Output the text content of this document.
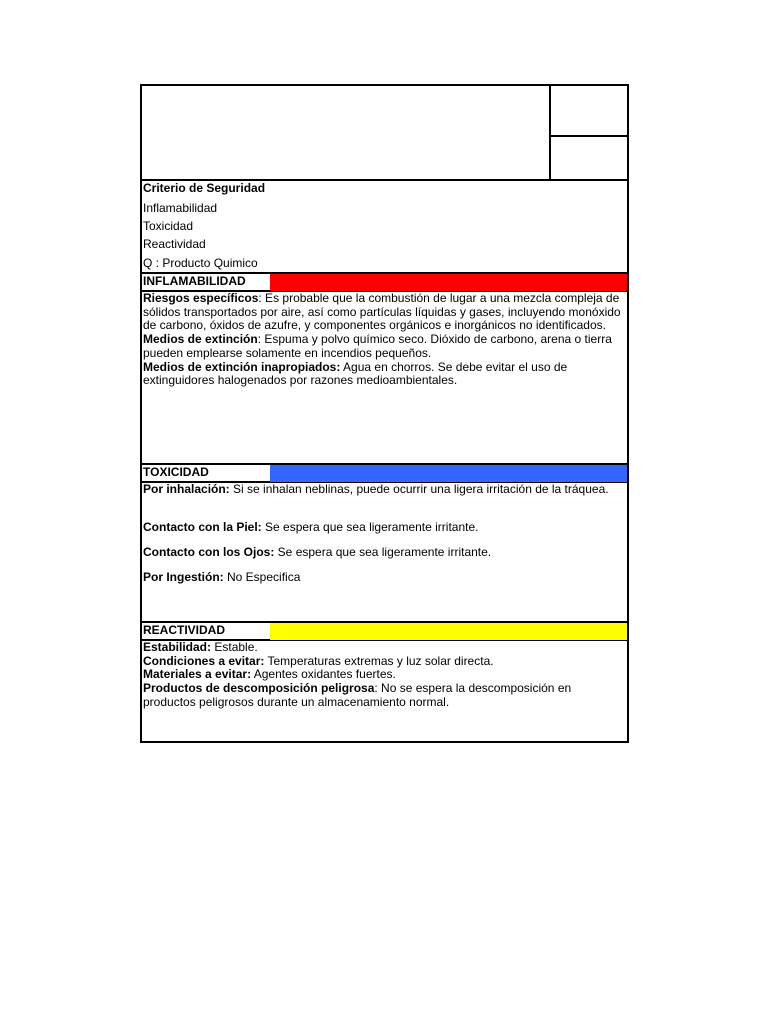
Criterio de Seguridad
Inflamabilidad
Toxicidad
Reactividad
Q : Producto Quimico
INFLAMABILIDAD
Riesgos específicos: Es probable que la combustión de lugar a una mezcla compleja de sólidos transportados por aire, así como partículas líquidas y gases, incluyendo monóxido de carbono, óxidos de azufre, y componentes orgánicos e inorgánicos no identificados.
Medios de extinción: Espuma y polvo químico seco. Dióxido de carbono, arena o tierra pueden emplearse solamente en incendios pequeños.
Medios de extinción inapropiados: Agua en chorros. Se debe evitar el uso de extinguidores halogenados por razones medioambientales.
TOXICIDAD
Por inhalación: Si se inhalan neblinas, puede ocurrir una ligera irritación de la tráquea.
Contacto con la Piel: Se espera que sea ligeramente irritante.
Contacto con los Ojos: Se espera que sea ligeramente irritante.
Por Ingestión: No Especifica
REACTIVIDAD
Estabilidad: Estable.
Condiciones a evitar: Temperaturas extremas y luz solar directa.
Materiales a evitar: Agentes oxidantes fuertes.
Productos de descomposición peligrosa: No se espera la descomposición en productos peligrosos durante un almacenamiento normal.
